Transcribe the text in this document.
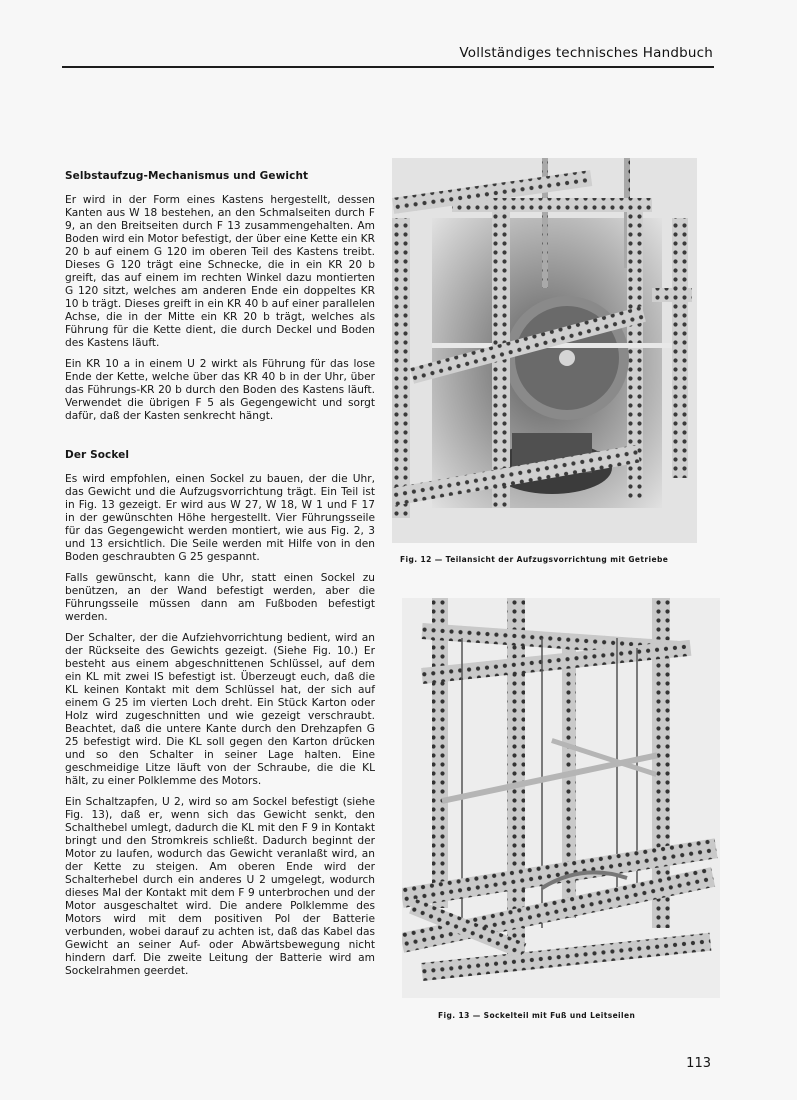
Vollständiges technisches Handbuch
Selbstaufzug-Mechanismus und Gewicht

Er wird in der Form eines Kastens hergestellt, dessen Kanten aus W 18 bestehen, an den Schmalseiten durch F 9, an den Breitseiten durch F 13 zusammengehalten. Am Boden wird ein Motor befestigt, der über eine Kette ein KR 20 b auf einem G 120 im oberen Teil des Kastens treibt. Dieses G 120 trägt eine Schnecke, die in ein KR 20 b greift, das auf einem im rechten Winkel dazu montierten G 120 sitzt, welches am anderen Ende ein doppeltes KR 10 b trägt. Dieses greift in ein KR 40 b auf einer parallelen Achse, die in der Mitte ein KR 20 b trägt, welches als Führung für die Kette dient, die durch Deckel und Boden des Kastens läuft.

Ein KR 10 a in einem U 2 wirkt als Führung für das lose Ende der Kette, welche über das KR 40 b in der Uhr, über das Führungs-KR 20 b durch den Boden des Kastens läuft. Verwendet die übrigen F 5 als Gegengewicht und sorgt dafür, daß der Kasten senkrecht hängt.

Der Sockel

Es wird empfohlen, einen Sockel zu bauen, der die Uhr, das Gewicht und die Aufzugsvorrichtung trägt. Ein Teil ist in Fig. 13 gezeigt. Er wird aus W 27, W 18, W 1 und F 17 in der gewünschten Höhe hergestellt. Vier Führungsseile für das Gegengewicht werden montiert, wie aus Fig. 2, 3 und 13 ersichtlich. Die Seile werden mit Hilfe von in den Boden geschraubten G 25 gespannt.

Falls gewünscht, kann die Uhr, statt einen Sockel zu benützen, an der Wand befestigt werden, aber die Führungsseile müssen dann am Fußboden befestigt werden.

Der Schalter, der die Aufziehvorrichtung bedient, wird an der Rückseite des Gewichts gezeigt. (Siehe Fig. 10.) Er besteht aus einem abgeschnittenen Schlüssel, auf dem ein KL mit zwei IS befestigt ist. Überzeugt euch, daß die KL keinen Kontakt mit dem Schlüssel hat, der sich auf einem G 25 im vierten Loch dreht. Ein Stück Karton oder Holz wird zugeschnitten und wie gezeigt verschraubt. Beachtet, daß die untere Kante durch den Drehzapfen G 25 befestigt wird. Die KL soll gegen den Karton drücken und so den Schalter in seiner Lage halten. Eine geschmeidige Litze läuft von der Schraube, die die KL hält, zu einer Polklemme des Motors.

Ein Schaltzapfen, U 2, wird so am Sockel befestigt (siehe Fig. 13), daß er, wenn sich das Gewicht senkt, den Schalthebel umlegt, dadurch die KL mit den F 9 in Kontakt bringt und den Stromkreis schließt. Dadurch beginnt der Motor zu laufen, wodurch das Gewicht veranlaßt wird, an der Kette zu steigen. Am oberen Ende wird der Schalterhebel durch ein anderes U 2 umgelegt, wodurch dieses Mal der Kontakt mit dem F 9 unterbrochen und der Motor ausgeschaltet wird. Die andere Polklemme des Motors wird mit dem positiven Pol der Batterie verbunden, wobei darauf zu achten ist, daß das Kabel das Gewicht an seiner Auf- oder Abwärtsbewegung nicht hindern darf. Die zweite Leitung der Batterie wird am Sockelrahmen geerdet.

Fig. 12 — Teilansicht der Aufzugsvorrichtung mit Getriebe
Fig. 13 — Sockelteil mit Fuß und Leitseilen
113
